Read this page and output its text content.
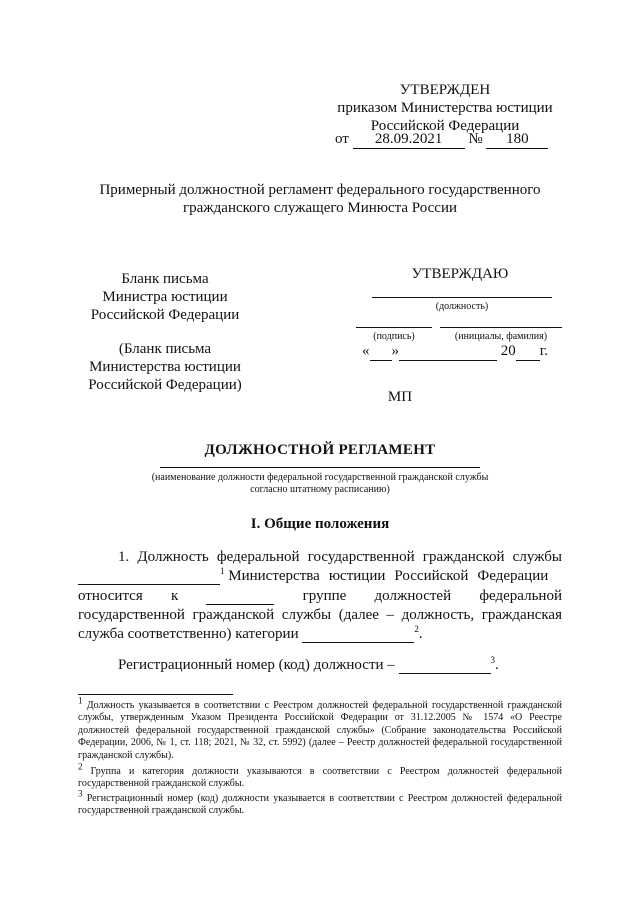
УТВЕРЖДЕН
приказом Министерства юстиции
Российской Федерации
от 28.09.2021 № 180
Примерный должностной регламент федерального государственного
гражданского служащего Минюста России
Бланк письма
Министра юстиции
Российской Федерации
(Бланк письма
Министерства юстиции
Российской Федерации)
УТВЕРЖДАЮ
(должность)
(подпись)	(инициалы, фамилия)
« »	20 г.
МП
ДОЛЖНОСТНОЙ РЕГЛАМЕНТ
(наименование должности федеральной государственной гражданской службы
согласно штатному расписанию)
I. Общие положения
1. Должность федеральной государственной гражданской службы
$^1$ Министерства юстиции Российской Федерации
относится к	группе должностей федеральной
государственной гражданской службы (далее – должность, гражданская
служба соответственно) категории	$^2$.
Регистрационный номер (код) должности –	$^3$.
$^1$ Должность указывается в соответствии с Реестром должностей федеральной государственной гражданской службы, утвержденным Указом Президента Российской Федерации от 31.12.2005 № 1574 «О Реестре должностей федеральной государственной гражданской службы» (Собрание законодательства Российской Федерации, 2006, № 1, ст. 118; 2021, № 32, ст. 5992) (далее – Реестр должностей федеральной государственной гражданской службы).
$^2$ Группа и категория должности указываются в соответствии с Реестром должностей федеральной государственной гражданской службы.
$^3$ Регистрационный номер (код) должности указывается в соответствии с Реестром должностей федеральной государственной гражданской службы.
